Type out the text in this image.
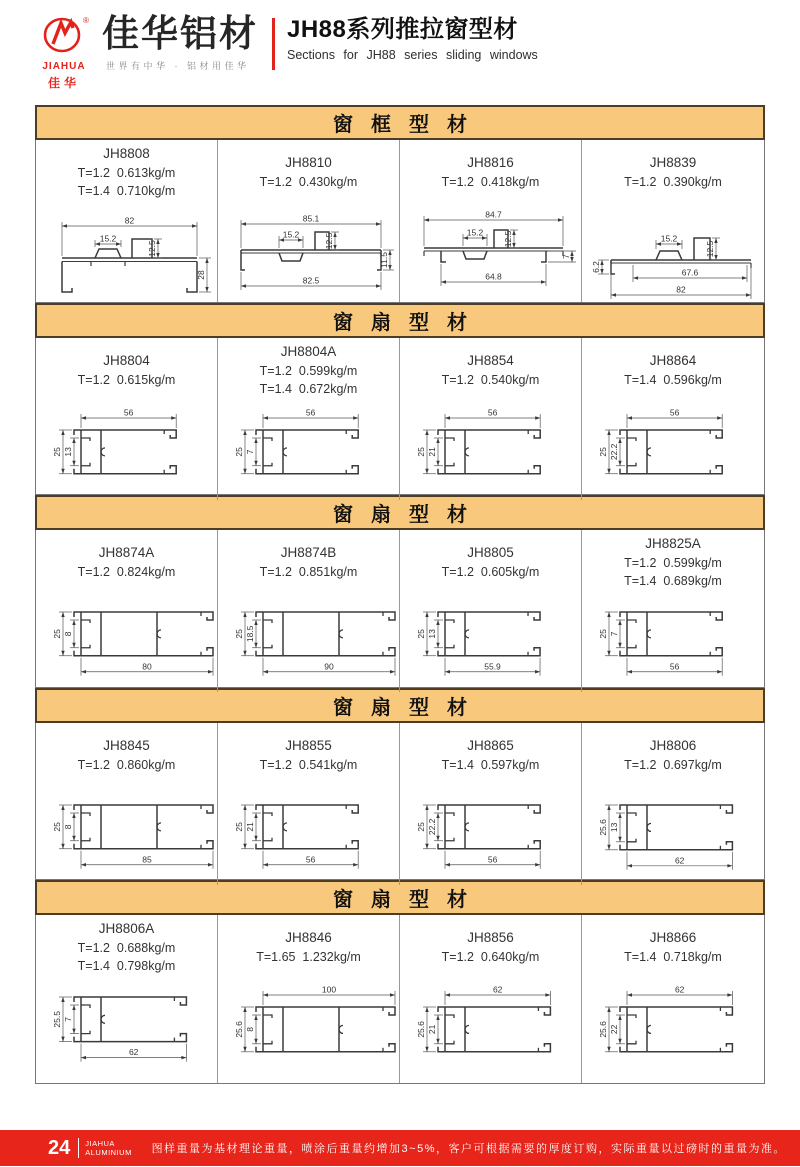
®
JIAHUA
佳华
佳华铝材
世界有中华 · 铝材用佳华
JH88系列推拉窗型材
Sections for JH88 series sliding windows
窗框型材
JH8808
T=1.2  0.613kg/m
T=1.4  0.710kg/m
82
15.2
12.5
28
JH8810
T=1.2  0.430kg/m
85.1
15.2	12.5
11.5
82.5
JH8816
T=1.2  0.418kg/m
84.7
15.2 12.5
7
64.8
JH8839
T=1.2  0.390kg/m
15.2
12.5
6.2	67.6
82
窗扇型材
JH8804
T=1.2  0.615kg/m
56
25 13
JH8804A
T=1.2  0.599kg/m
T=1.4  0.672kg/m
56
25 7
JH8854
T=1.2  0.540kg/m
56
25 21
JH8864
T=1.4  0.596kg/m
56
25 22.2
窗扇型材
JH8874A
T=1.2  0.824kg/m
80
25 8
JH8874B
T=1.2  0.851kg/m
90
25 18.5
JH8805
T=1.2  0.605kg/m
55.9
25 13
JH8825A
T=1.2  0.599kg/m
T=1.4  0.689kg/m
56
25 7
窗扇型材
JH8845
T=1.2  0.860kg/m
85
25 8
JH8855
T=1.2  0.541kg/m
56
25 21
JH8865
T=1.4  0.597kg/m
56
25 22.2
JH8806
T=1.2  0.697kg/m
62
25.6 13
窗扇型材
JH8806A
T=1.2  0.688kg/m
T=1.4  0.798kg/m
62
25.5 7
JH8846
T=1.65  1.232kg/m
100
25.6 8
JH8856
T=1.2  0.640kg/m
62
25.6 21
JH8866
T=1.4  0.718kg/m
62
25.6 22
24 JIAHUA
ALUMINIUM 图样重量为基材理论重量，喷涂后重量约增加3~5%，客户可根据需要的厚度订购，实际重量以过磅时的重量为准。
